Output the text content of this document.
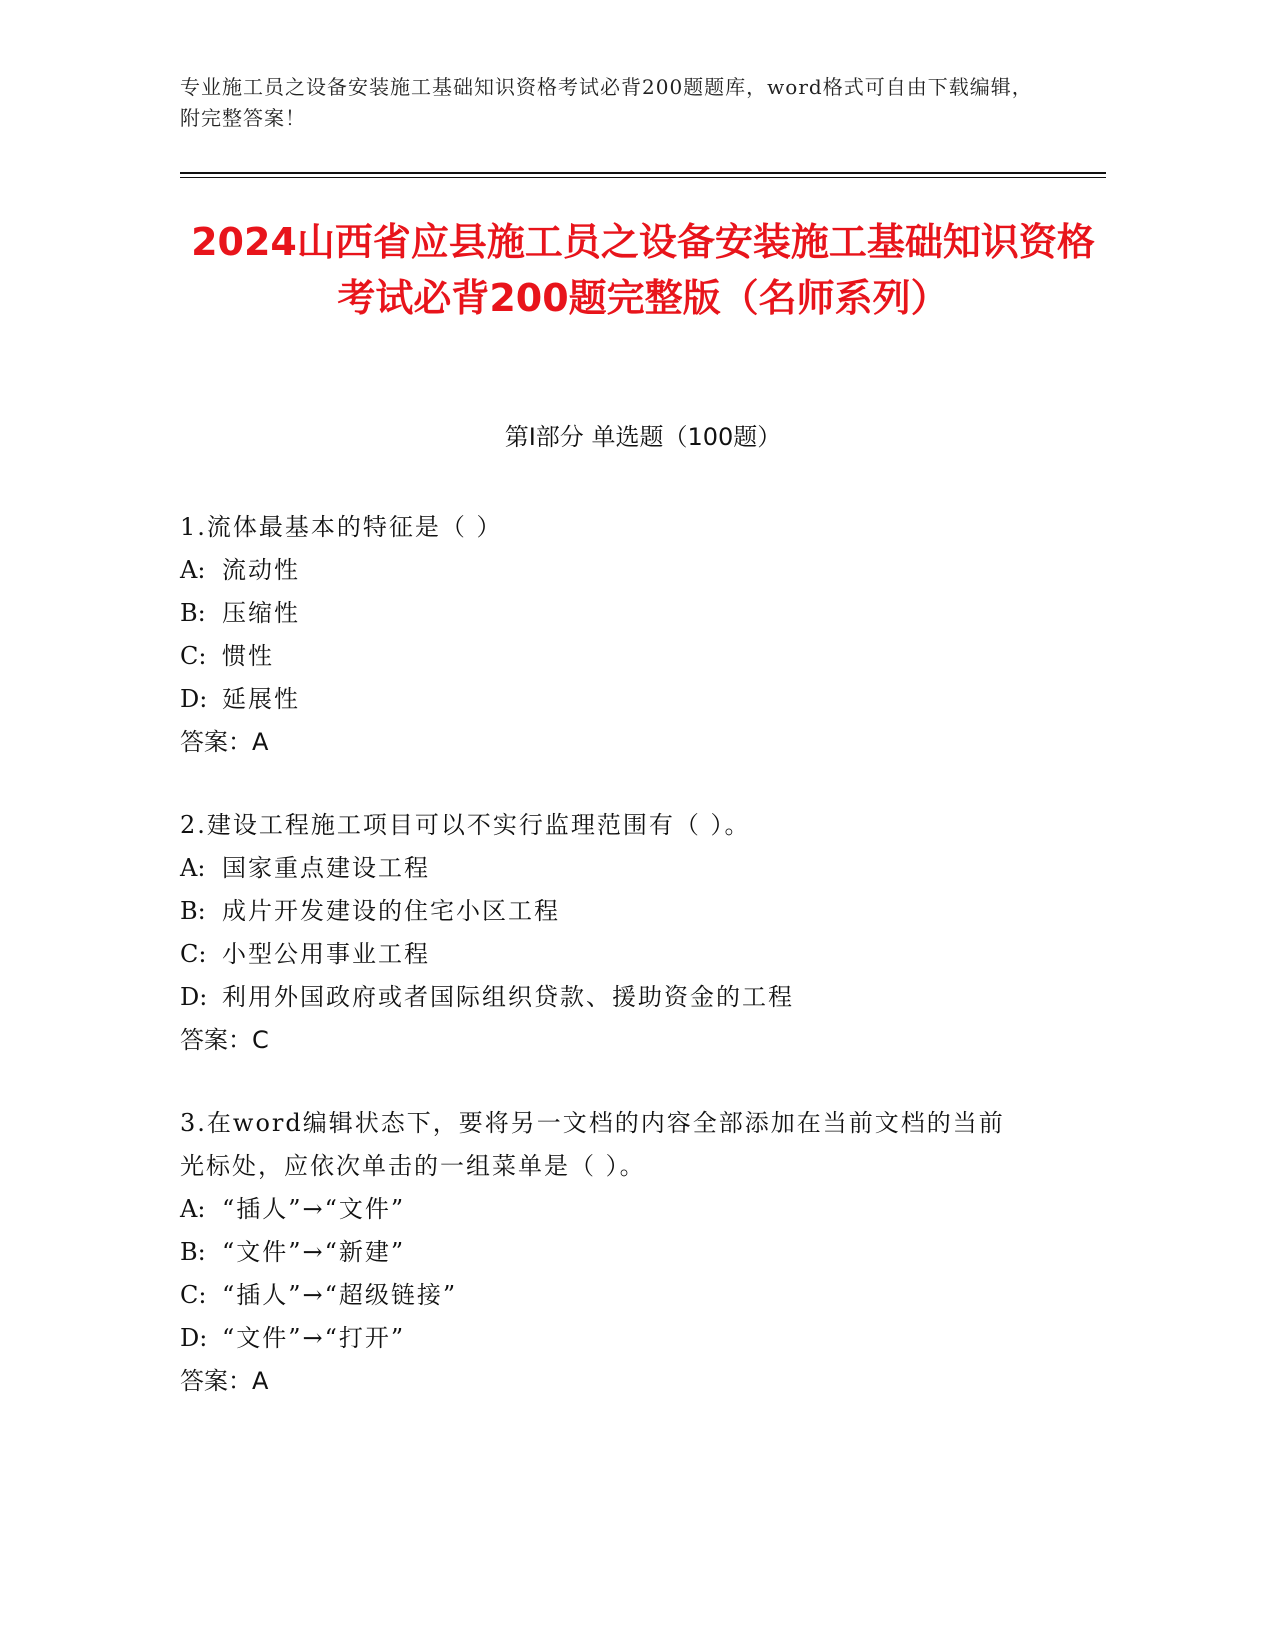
专业施工员之设备安装施工基础知识资格考试必背200题题库，word格式可自由下载编辑，附完整答案！
2024山西省应县施工员之设备安装施工基础知识资格考试必背200题完整版（名师系列）
第I部分 单选题（100题）
1.流体最基本的特征是（ ）
A: 流动性
B: 压缩性
C: 惯性
D: 延展性
答案：A
2.建设工程施工项目可以不实行监理范围有（ ）。
A: 国家重点建设工程
B: 成片开发建设的住宅小区工程
C: 小型公用事业工程
D: 利用外国政府或者国际组织贷款、援助资金的工程
答案：C
3.在word编辑状态下，要将另一文档的内容全部添加在当前文档的当前光标处，应依次单击的一组菜单是（ ）。
A: “插人”→“文件”
B: “文件”→“新建”
C: “插人”→“超级链接”
D: “文件”→“打开”
答案：A
